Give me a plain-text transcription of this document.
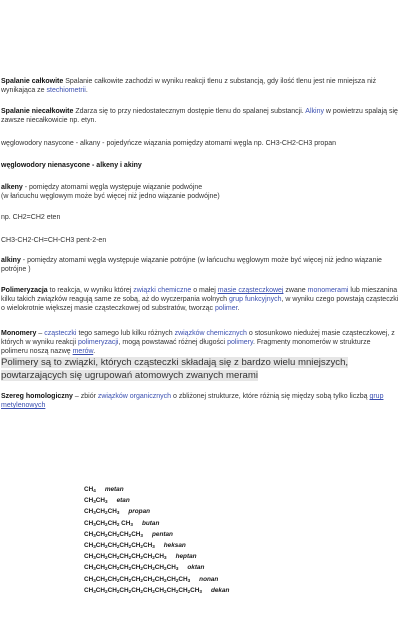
Spalanie całkowite Spalanie całkowite zachodzi w wyniku reakcji tlenu z substancją, gdy ilość tlenu jest nie mniejsza niż wynikająca ze stechiometrii.

Spalanie niecałkowite Zdarza się to przy niedostatecznym dostępie tlenu do spalanej substancji. Alkiny w powietrzu spalają się zawsze niecałkowicie np. etyn.

węglowodory nasycone - alkany - pojedyńcze wiązania pomiędzy atomami węgla np. CH3-CH2-CH3 propan

węglowodory nienasycone - alkeny i akiny

alkeny - pomiędzy atomami węgla występuje wiązanie podwójne
(w łańcuchu węglowym może być więcej niż jedno wiązanie podwójne)

np. CH2=CH2 eten

CH3-CH2-CH=CH-CH3 pent-2-en

alkiny - pomiędzy atomami węgla występuje wiązanie potrójne (w łańcuchu węglowym może być więcej niż jedno wiązanie potrójne )

Polimeryzacja to reakcja, w wyniku której związki chemiczne o małej masie cząsteczkowej zwane monomerami lub mieszanina kilku takich związków reagują same ze sobą, aż do wyczerpania wolnych grup funkcyjnych, w wyniku czego powstają cząsteczki o wielokrotnie większej masie cząsteczkowej od substratów, tworząc polimer.

Monomery – cząsteczki tego samego lub kilku różnych związków chemicznych o stosunkowo niedużej masie cząsteczkowej, z których w wyniku reakcji polimeryzacji, mogą powstawać różnej długości polimery. Fragmenty monomerów w strukturze polimeru noszą nazwę merów.

Polimery są to związki, których cząsteczki składają się z bardzo wielu mniejszych, powtarzających się ugrupowań atomowych zwanych merami

Szereg homologiczny – zbiór związków organicznych o zbliżonej strukturze, które różnią się między sobą tylko liczbą grup metylenowych

$CH_4$ metan
$CH_3CH_3$ etan
$CH_3CH_2CH_3$ propan
$CH_3CH_2CH_2$ $CH_3$ butan
$CH_3CH_2CH_2CH_2CH_3$ pentan
$CH_3CH_2CH_2CH_2CH_2CH_3$ heksan
$CH_3CH_2CH_2CH_2CH_2CH_2CH_3$ heptan
$CH_3CH_2CH_2CH_2CH_2CH_2CH_2CH_3$ oktan
$CH_3CH_2CH_2CH_2CH_2CH_2CH_2CH_2CH_3$ nonan
$CH_3CH_2CH_2CH_2CH_2CH_2CH_2CH_2CH_2CH_3$ dekan
